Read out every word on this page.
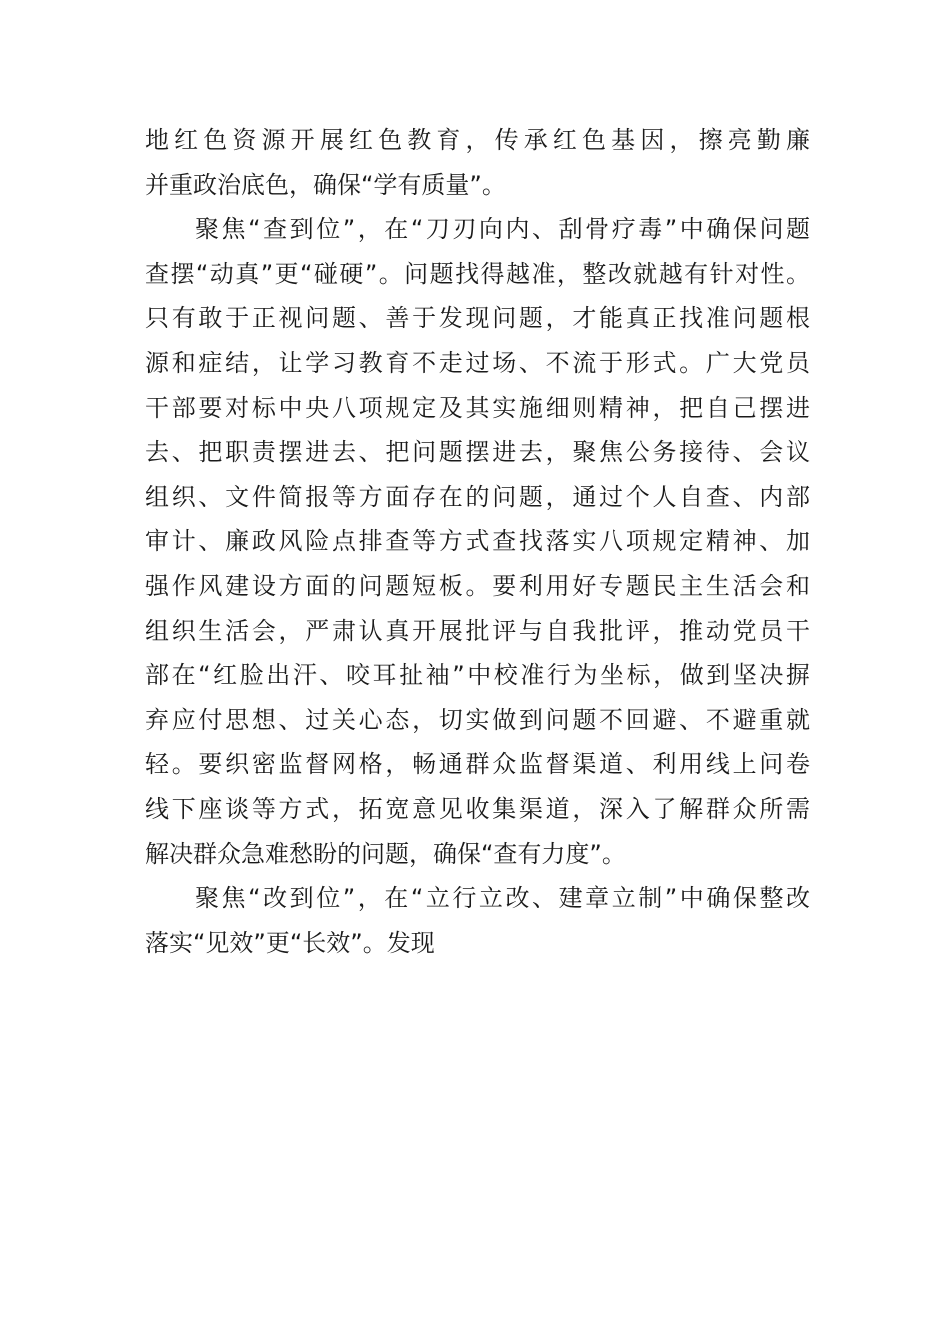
地红色资源开展红色教育，传承红色基因，擦亮勤廉
并重政治底色，确保“学有质量”。
聚焦“查到位”，在“刀刃向内、刮骨疗毒”中确保问题
查摆“动真”更“碰硬”。问题找得越准，整改就越有针对性。
只有敢于正视问题、善于发现问题，才能真正找准问题根
源和症结，让学习教育不走过场、不流于形式。广大党员
干部要对标中央八项规定及其实施细则精神，把自己摆进
去、把职责摆进去、把问题摆进去，聚焦公务接待、会议
组织、文件简报等方面存在的问题，通过个人自查、内部
审计、廉政风险点排查等方式查找落实八项规定精神、加
强作风建设方面的问题短板。要利用好专题民主生活会和
组织生活会，严肃认真开展批评与自我批评，推动党员干
部在“红脸出汗、咬耳扯袖”中校准行为坐标，做到坚决摒
弃应付思想、过关心态，切实做到问题不回避、不避重就
轻。要织密监督网格，畅通群众监督渠道、利用线上问卷
线下座谈等方式，拓宽意见收集渠道，深入了解群众所需
解决群众急难愁盼的问题，确保“查有力度”。
聚焦“改到位”，在“立行立改、建章立制”中确保整改
落实“见效”更“长效”。发现
